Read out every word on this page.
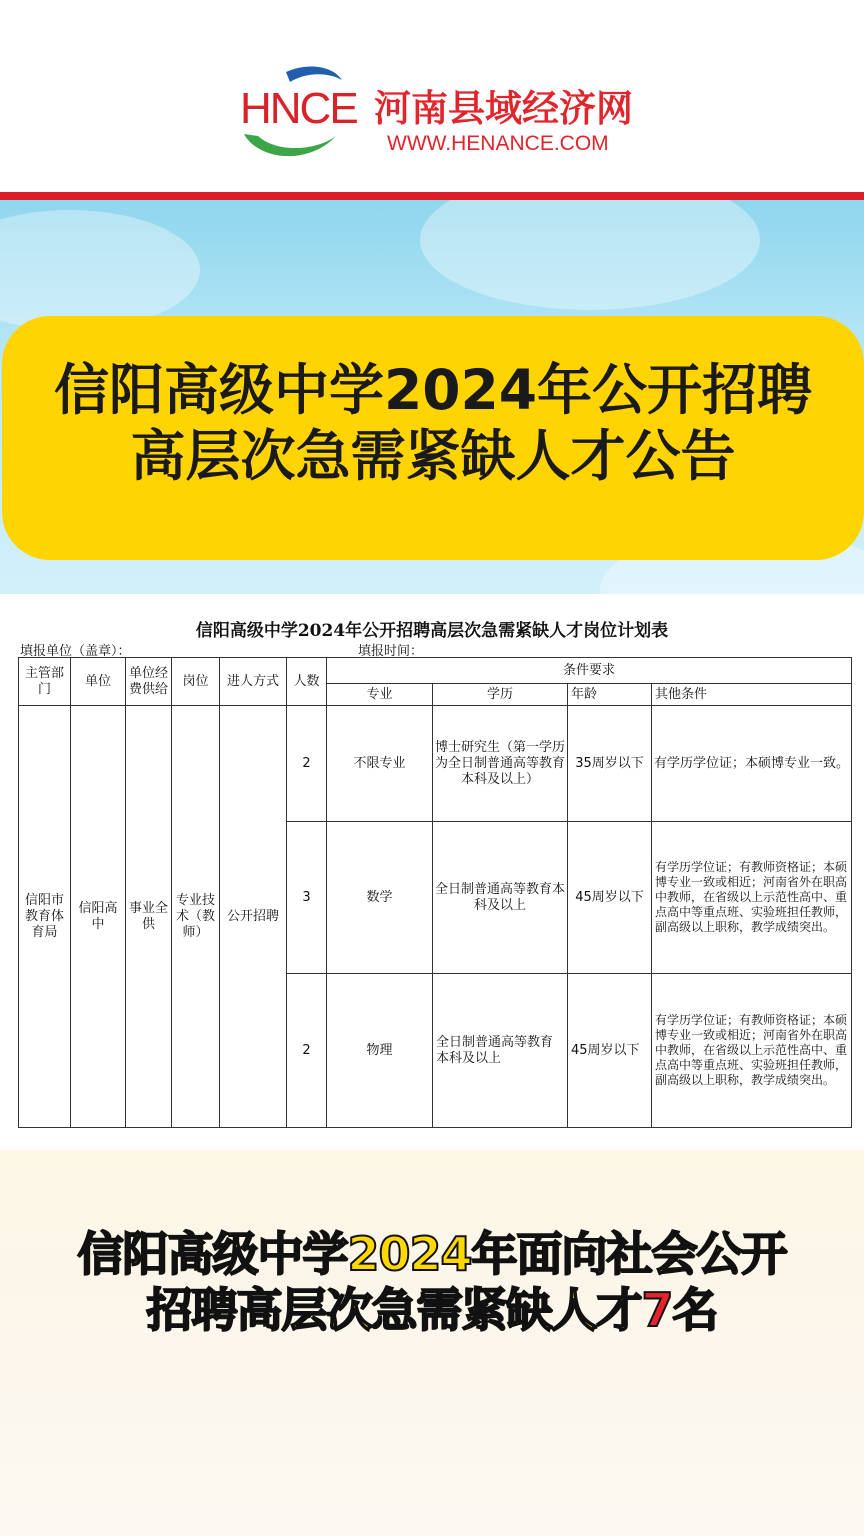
HNCE 河南县域经济网
WWW.HENANCE.COM
信阳高级中学2024年公开招聘
高层次急需紧缺人才公告
信阳高级中学2024年公开招聘高层次急需紧缺人才岗位计划表
填报单位（盖章）：	填报时间：
主管部门	单位	单位经费供给	岗位	进人方式	人数	条件要求			
						专业	学历	年龄	其他条件
信阳市教育体育局	信阳高中	事业全供	专业技术（教师）	公开招聘	2	不限专业	博士研究生（第一学历为全日制普通高等教育本科及以上）	35周岁以下	有学历学位证；本硕博专业一致。
					3	数学	全日制普通高等教育本科及以上	45周岁以下	有学历学位证；有教师资格证；本硕博专业一致或相近；河南省外在职高中教师，在省级以上示范性高中、重点高中等重点班、实验班担任教师，副高级以上职称，教学成绩突出。
					2	物理	全日制普通高等教育本科及以上	45周岁以下	有学历学位证；有教师资格证；本硕博专业一致或相近；河南省外在职高中教师，在省级以上示范性高中、重点高中等重点班、实验班担任教师，副高级以上职称，教学成绩突出。
信阳高级中学2024年面向社会公开
招聘高层次急需紧缺人才7名
